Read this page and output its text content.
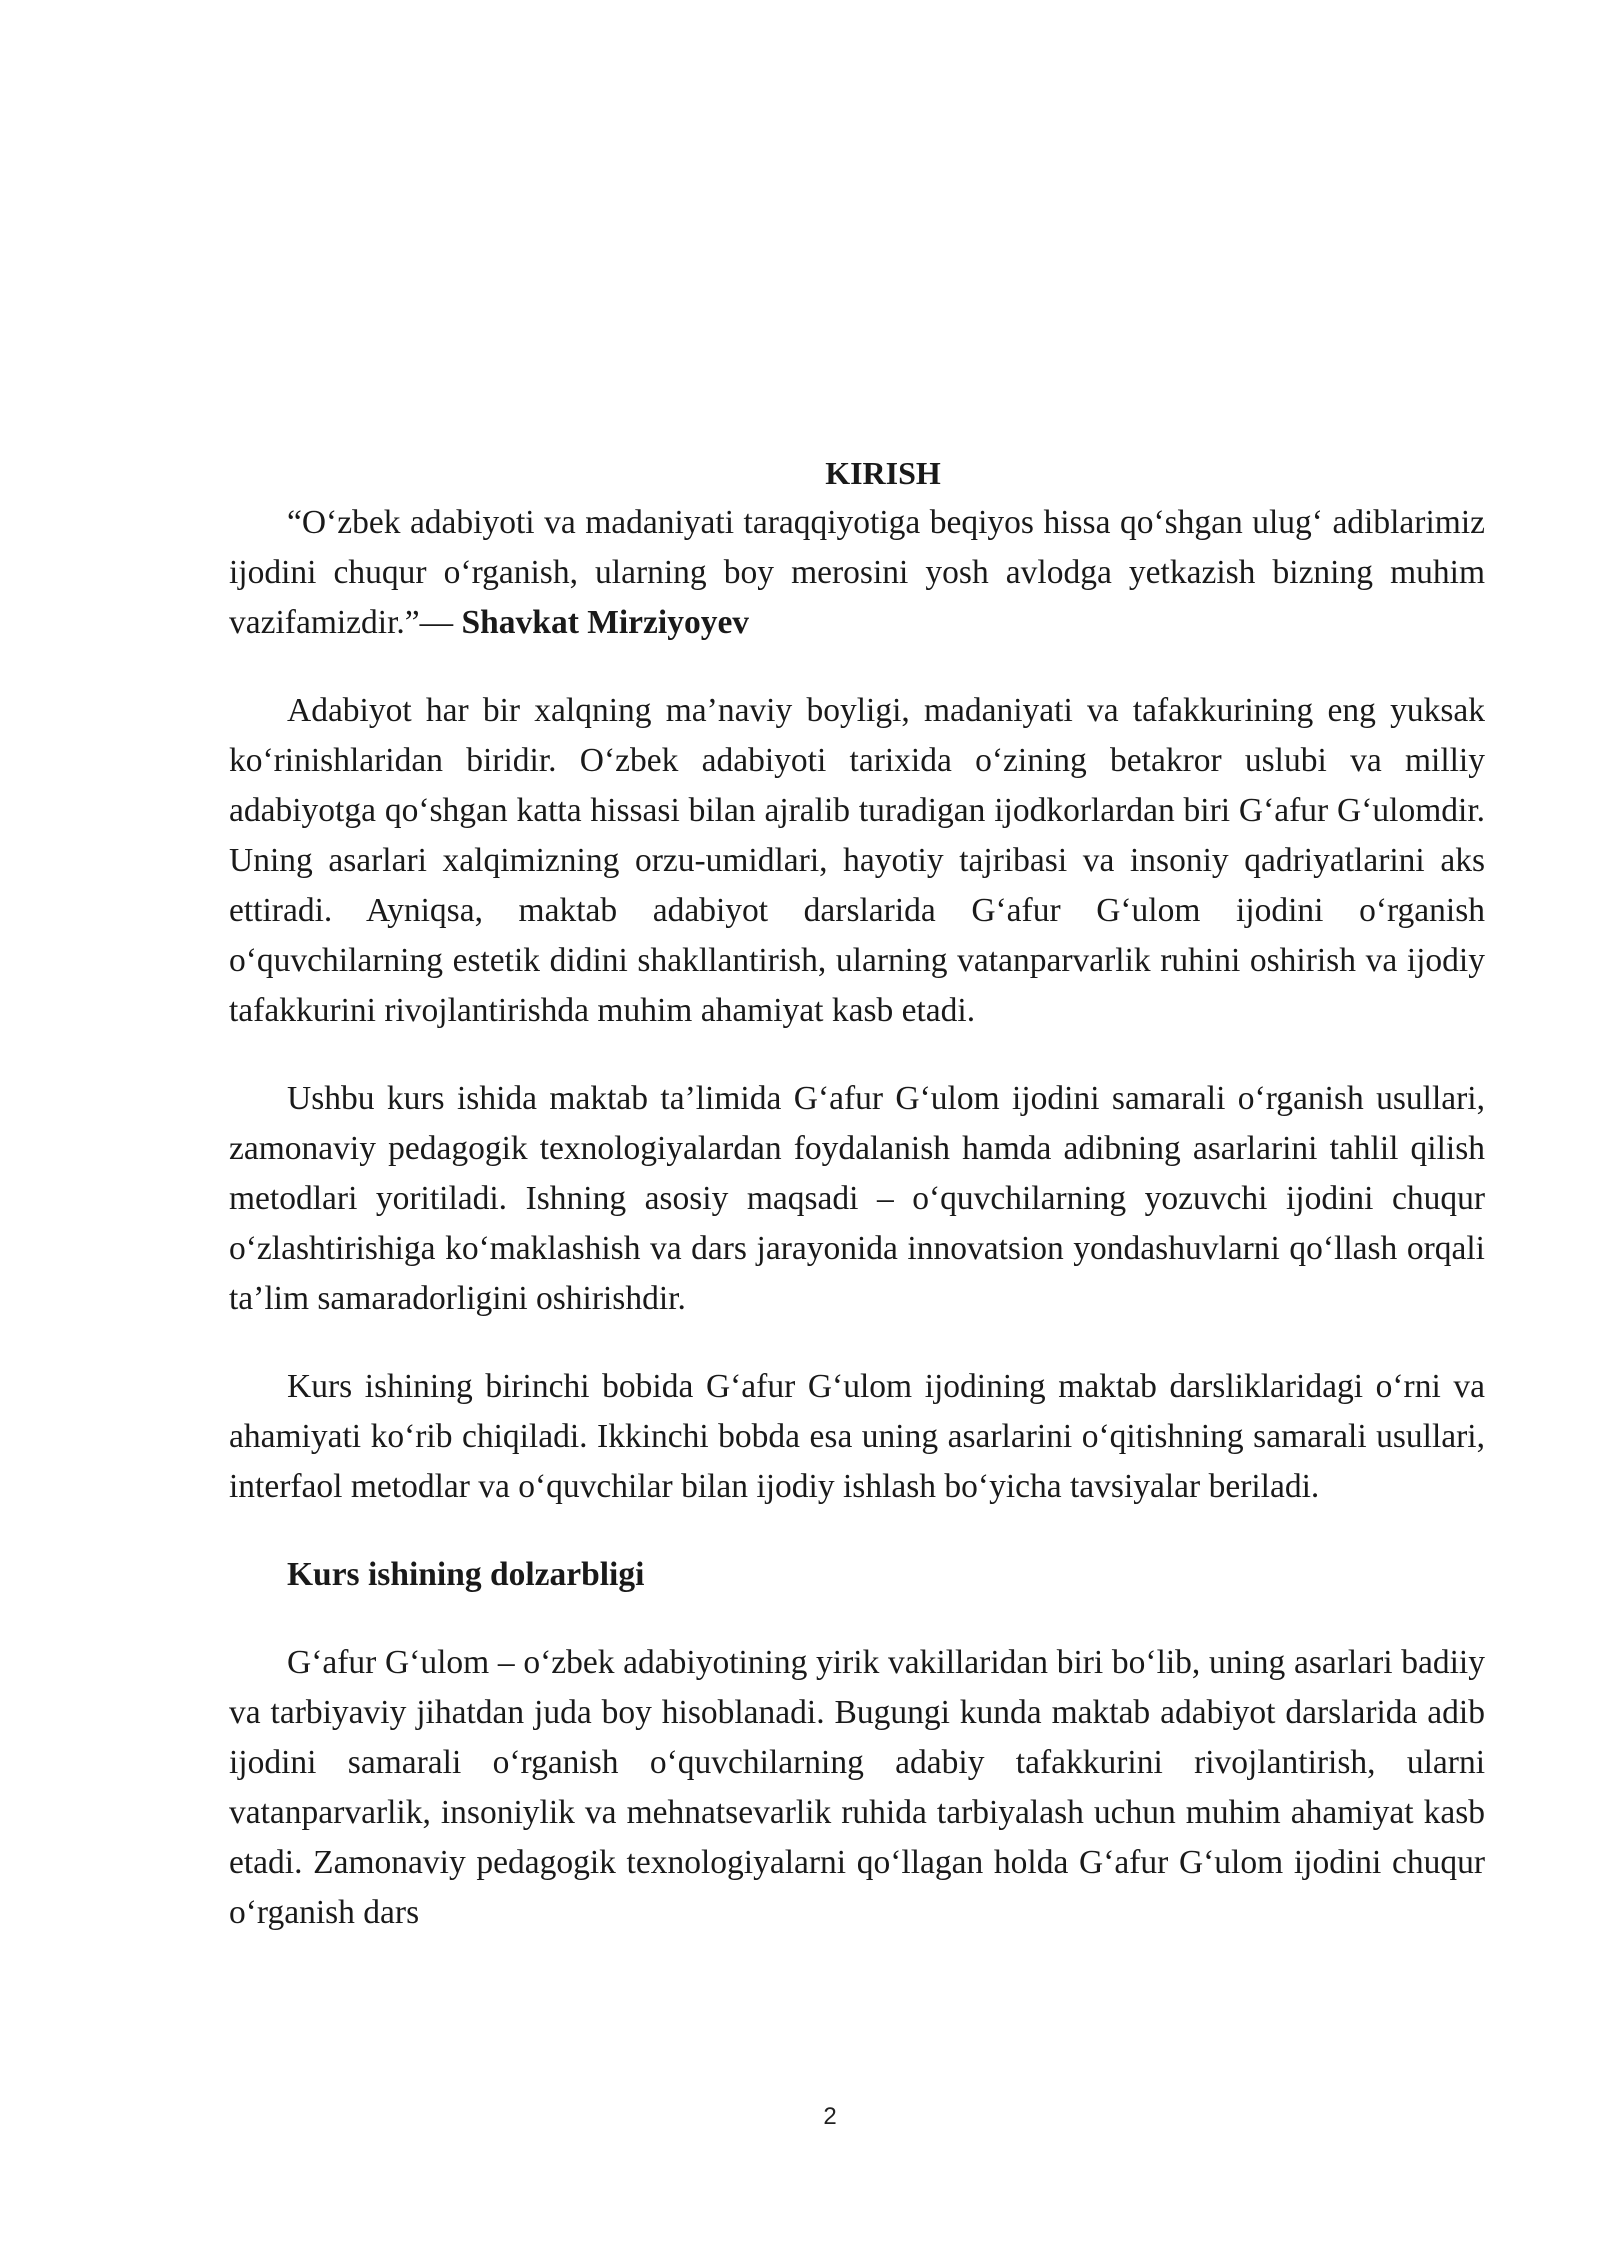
KIRISH

“O‘zbek adabiyoti va madaniyati taraqqiyotiga beqiyos hissa qo‘shgan ulug‘ adiblarimiz ijodini chuqur o‘rganish, ularning boy merosini yosh avlodga yetkazish bizning muhim vazifamizdir.”— Shavkat Mirziyoyev

Adabiyot har bir xalqning ma’naviy boyligi, madaniyati va tafakkurining eng yuksak ko‘rinishlaridan biridir. O‘zbek adabiyoti tarixida o‘zining betakror uslubi va milliy adabiyotga qo‘shgan katta hissasi bilan ajralib turadigan ijodkorlardan biri G‘afur G‘ulomdir. Uning asarlari xalqimizning orzu-umidlari, hayotiy tajribasi va insoniy qadriyatlarini aks ettiradi. Ayniqsa, maktab adabiyot darslarida G‘afur G‘ulom ijodini o‘rganish o‘quvchilarning estetik didini shakllantirish, ularning vatanparvarlik ruhini oshirish va ijodiy tafakkurini rivojlantirishda muhim ahamiyat kasb etadi.

Ushbu kurs ishida maktab ta’limida G‘afur G‘ulom ijodini samarali o‘rganish usullari, zamonaviy pedagogik texnologiyalardan foydalanish hamda adibning asarlarini tahlil qilish metodlari yoritiladi. Ishning asosiy maqsadi – o‘quvchilarning yozuvchi ijodini chuqur o‘zlashtirishiga ko‘maklashish va dars jarayonida innovatsion yondashuvlarni qo‘llash orqali ta’lim samaradorligini oshirishdir.

Kurs ishining birinchi bobida G‘afur G‘ulom ijodining maktab darsliklaridagi o‘rni va ahamiyati ko‘rib chiqiladi. Ikkinchi bobda esa uning asarlarini o‘qitishning samarali usullari, interfaol metodlar va o‘quvchilar bilan ijodiy ishlash bo‘yicha tavsiyalar beriladi.

Kurs ishining dolzarbligi

G‘afur G‘ulom – o‘zbek adabiyotining yirik vakillaridan biri bo‘lib, uning asarlari badiiy va tarbiyaviy jihatdan juda boy hisoblanadi. Bugungi kunda maktab adabiyot darslarida adib ijodini samarali o‘rganish o‘quvchilarning adabiy tafakkurini rivojlantirish, ularni vatanparvarlik, insoniylik va mehnatsevarlik ruhida tarbiyalash uchun muhim ahamiyat kasb etadi. Zamonaviy pedagogik texnologiyalarni qo‘llagan holda G‘afur G‘ulom ijodini chuqur o‘rganish dars

2
